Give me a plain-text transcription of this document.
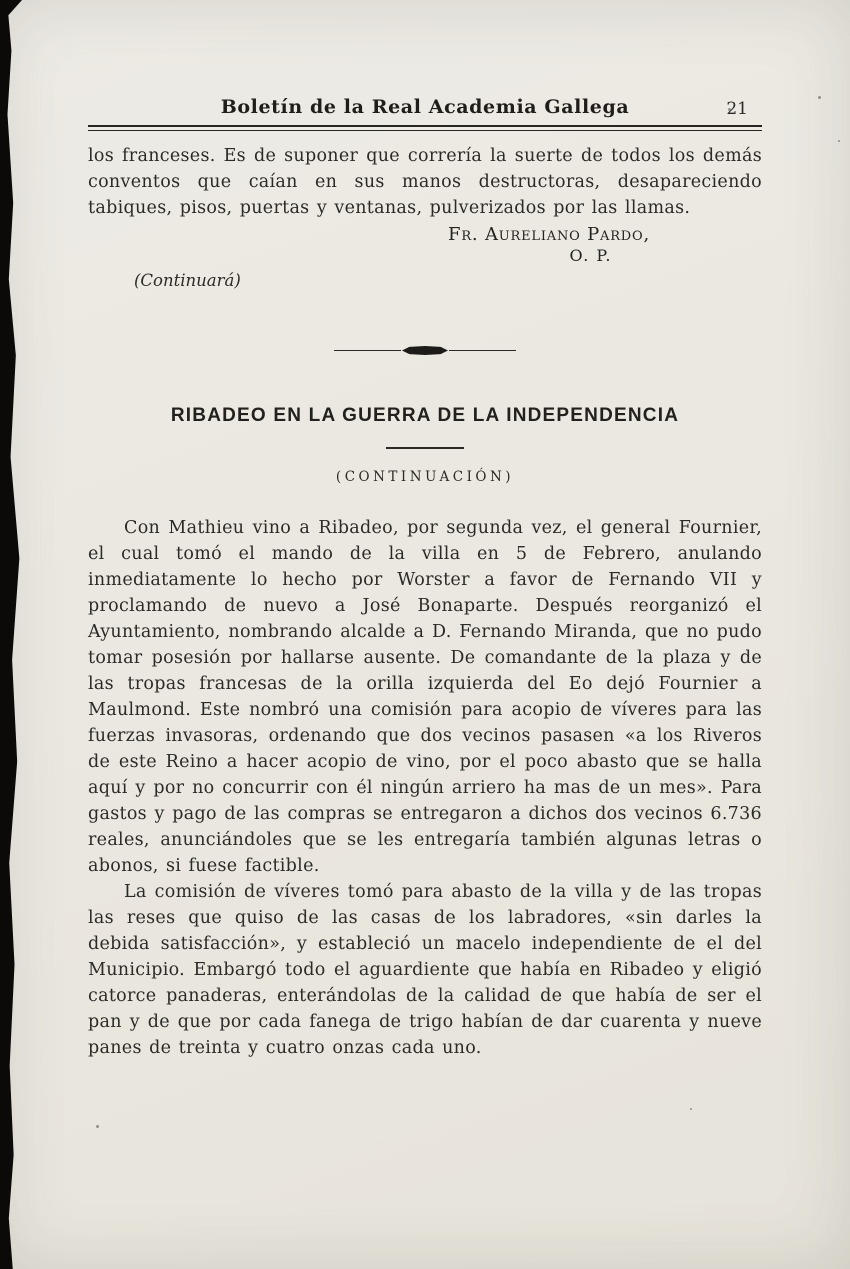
Boletín de la Real Academia Gallega	21

los franceses. Es de suponer que correría la suerte de todos los demás conventos que caían en sus manos destructoras, desapareciendo tabiques, pisos, puertas y ventanas, pulverizados por las llamas.

Fr. Aureliano Pardo,
O. P.
(Continuará)
RIBADEO EN LA GUERRA DE LA INDEPENDENCIA
(CONTINUACIÓN)

Con Mathieu vino a Ribadeo, por segunda vez, el general Fournier, el cual tomó el mando de la villa en 5 de Febrero, anulando inmediatamente lo hecho por Worster a favor de Fernando VII y proclamando de nuevo a José Bonaparte. Después reorganizó el Ayuntamiento, nombrando alcalde a D. Fernando Miranda, que no pudo tomar posesión por hallarse ausente. De comandante de la plaza y de las tropas francesas de la orilla izquierda del Eo dejó Fournier a Maulmond. Este nombró una comisión para acopio de víveres para las fuerzas invasoras, ordenando que dos vecinos pasasen «a los Riveros de este Reino a hacer acopio de vino, por el poco abasto que se halla aquí y por no concurrir con él ningún arriero ha mas de un mes». Para gastos y pago de las compras se entregaron a dichos dos vecinos 6.736 reales, anunciándoles que se les entregaría también algunas letras o abonos, si fuese factible.

La comisión de víveres tomó para abasto de la villa y de las tropas las reses que quiso de las casas de los labradores, «sin darles la debida satisfacción», y estableció un macelo independiente de el del Municipio. Embargó todo el aguardiente que había en Ribadeo y eligió catorce panaderas, enterándolas de la calidad de que había de ser el pan y de que por cada fanega de trigo habían de dar cuarenta y nueve panes de treinta y cuatro onzas cada uno.
